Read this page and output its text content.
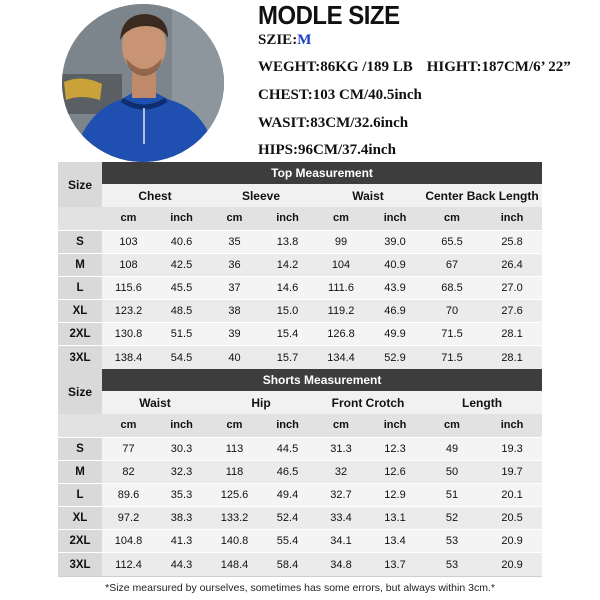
MODLE SIZE
SZIE:M
WEGHT:86KG /189 LB HIGHT:187CM/6’ 22”
CHEST:103 CM/40.5inch
WASIT:83CM/32.6inch
HIPS:96CM/37.4inch
Size	Top Measurement							
	Chest		Sleeve		Waist		Center Back Length	
	cm	inch	cm	inch	cm	inch	cm	inch
S	103	40.6	35	13.8	99	39.0	65.5	25.8
M	108	42.5	36	14.2	104	40.9	67	26.4
L	115.6	45.5	37	14.6	111.6	43.9	68.5	27.0
XL	123.2	48.5	38	15.0	119.2	46.9	70	27.6
2XL	130.8	51.5	39	15.4	126.8	49.9	71.5	28.1
3XL	138.4	54.5	40	15.7	134.4	52.9	71.5	28.1
Size	Shorts Measurement							
	Waist		Hip		Front Crotch		Length	
	cm	inch	cm	inch	cm	inch	cm	inch
S	77	30.3	113	44.5	31.3	12.3	49	19.3
M	82	32.3	118	46.5	32	12.6	50	19.7
L	89.6	35.3	125.6	49.4	32.7	12.9	51	20.1
XL	97.2	38.3	133.2	52.4	33.4	13.1	52	20.5
2XL	104.8	41.3	140.8	55.4	34.1	13.4	53	20.9
3XL	112.4	44.3	148.4	58.4	34.8	13.7	53	20.9
*Size mearsured by ourselves, sometimes has some errors, but always within 3cm.*								
